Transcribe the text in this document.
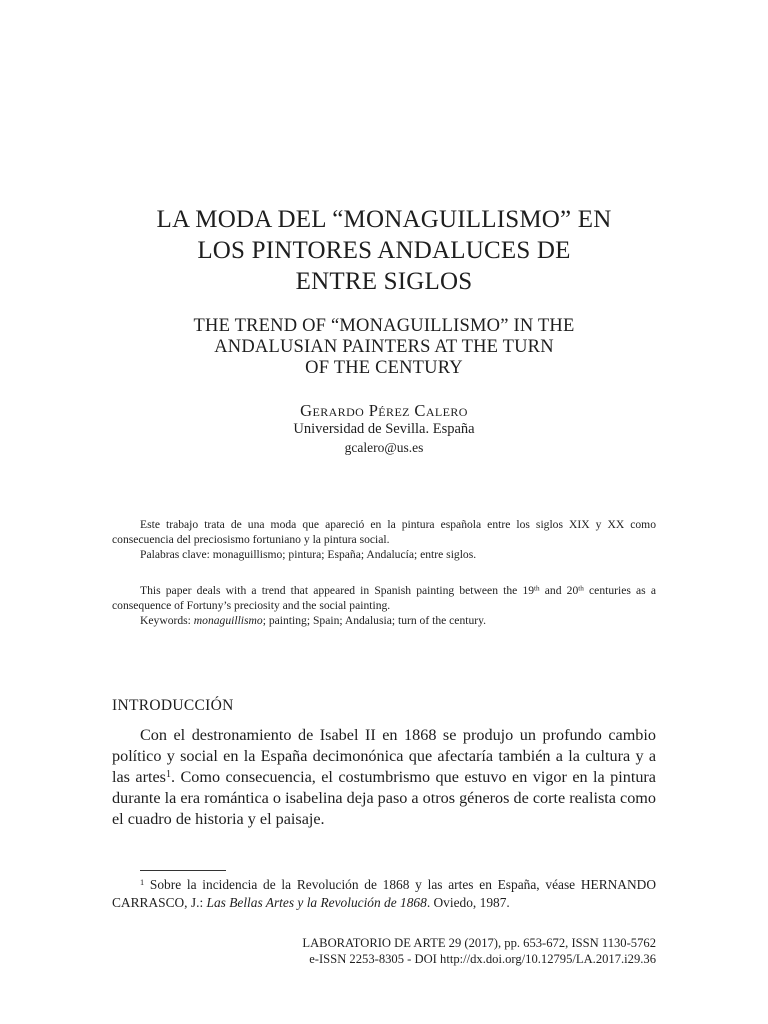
LA MODA DEL “MONAGUILLISMO” EN
LOS PINTORES ANDALUCES DE
ENTRE SIGLOS
THE TREND OF “MONAGUILLISMO” IN THE
ANDALUSIAN PAINTERS AT THE TURN
OF THE CENTURY
Gerardo Pérez Calero
Universidad de Sevilla. España
gcalero@us.es

Este trabajo trata de una moda que apareció en la pintura española entre los siglos XIX y XX como consecuencia del preciosismo fortuniano y la pintura social.

Palabras clave: monaguillismo; pintura; España; Andalucía; entre siglos.

This paper deals with a trend that appeared in Spanish painting between the 19th and 20th centuries as a consequence of Fortuny’s preciosity and the social painting.

Keywords: monaguillismo; painting; Spain; Andalusia; turn of the century.

INTRODUCCIÓN

Con el destronamiento de Isabel II en 1868 se produjo un profundo cambio político y social en la España decimonónica que afectaría también a la cultura y a las artes$^1$. Como consecuencia, el costumbrismo que estuvo en vigor en la pintura durante la era romántica o isabelina deja paso a otros géneros de corte realista como el cuadro de historia y el paisaje.

$^1$ Sobre la incidencia de la Revolución de 1868 y las artes en España, véase HERNANDO CARRASCO, J.: Las Bellas Artes y la Revolución de 1868. Oviedo, 1987.

LABORATORIO DE ARTE 29 (2017), pp. 653-672, ISSN 1130-5762
e-ISSN 2253-8305 - DOI http://dx.doi.org/10.12795/LA.2017.i29.36
